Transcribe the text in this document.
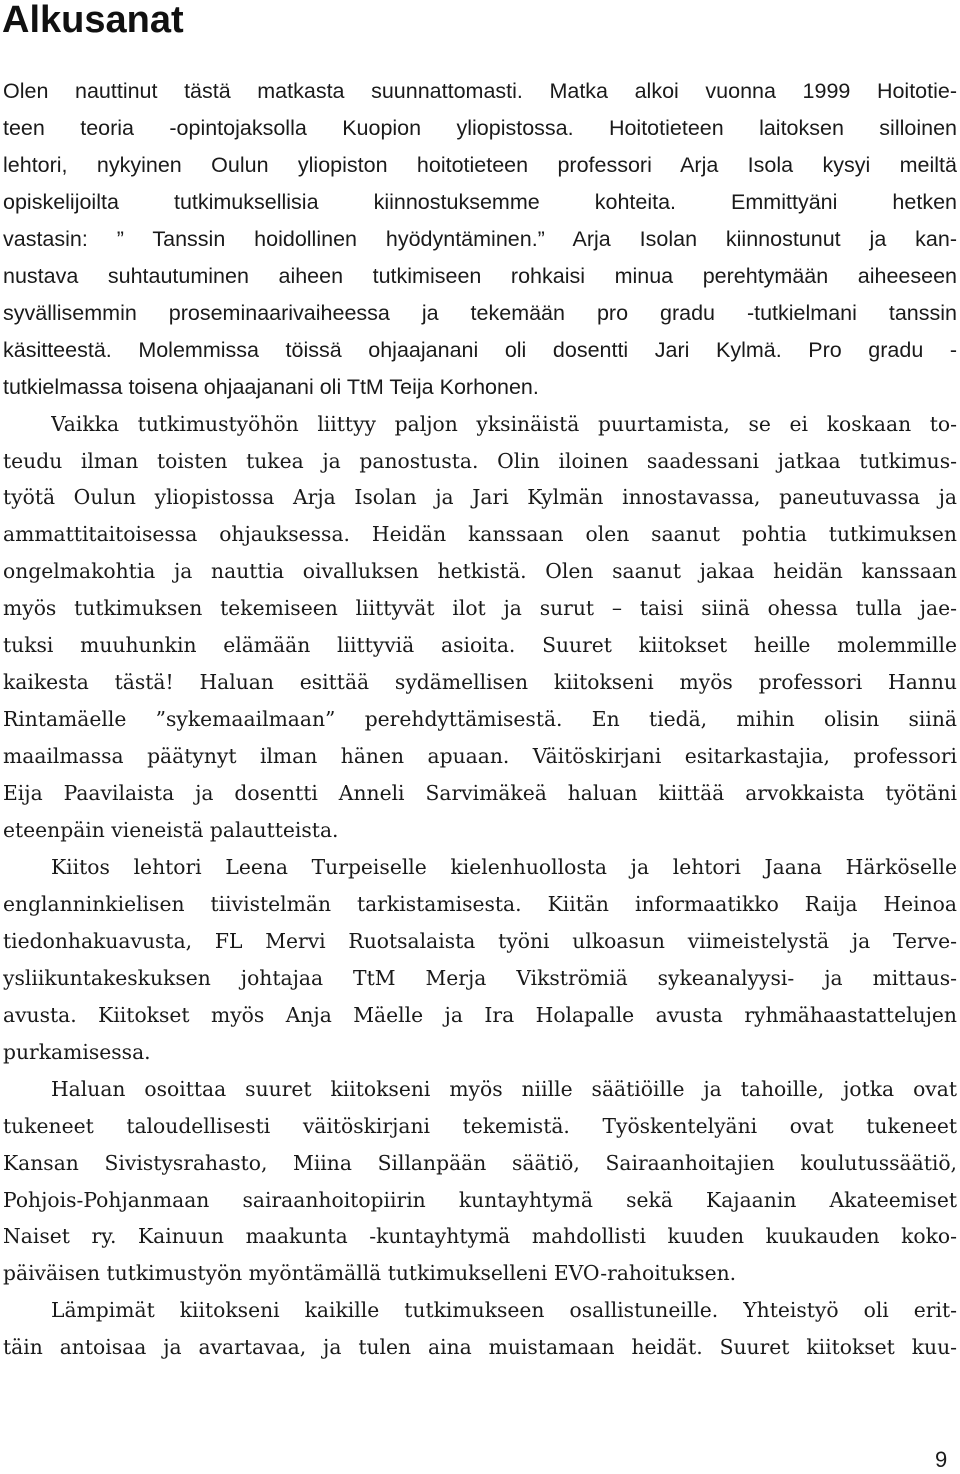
Alkusanat
Olen nauttinut tästä matkasta suunnattomasti. Matka alkoi vuonna 1999 Hoitotie-
teen teoria -opintojaksolla Kuopion yliopistossa. Hoitotieteen laitoksen silloinen
lehtori, nykyinen Oulun yliopiston hoitotieteen professori Arja Isola kysyi meiltä
opiskelijoilta tutkimuksellisia kiinnostuksemme kohteita. Emmittyäni hetken
vastasin: ” Tanssin hoidollinen hyödyntäminen.” Arja Isolan kiinnostunut ja kan-
nustava suhtautuminen aiheen tutkimiseen rohkaisi minua perehtymään aiheeseen
syvällisemmin proseminaarivaiheessa ja tekemään pro gradu -tutkielmani tanssin
käsitteestä. Molemmissa töissä ohjaajanani oli dosentti Jari Kylmä. Pro gradu -
tutkielmassa toisena ohjaajanani oli TtM Teija Korhonen.
Vaikka tutkimustyöhön liittyy paljon yksinäistä puurtamista, se ei koskaan to-
teudu ilman toisten tukea ja panostusta. Olin iloinen saadessani jatkaa tutkimus-
työtä Oulun yliopistossa Arja Isolan ja Jari Kylmän innostavassa, paneutuvassa ja
ammattitaitoisessa ohjauksessa. Heidän kanssaan olen saanut pohtia tutkimuksen
ongelmakohtia ja nauttia oivalluksen hetkistä. Olen saanut jakaa heidän kanssaan
myös tutkimuksen tekemiseen liittyvät ilot ja surut – taisi siinä ohessa tulla jae-
tuksi muuhunkin elämään liittyviä asioita. Suuret kiitokset heille molemmille
kaikesta tästä! Haluan esittää sydämellisen kiitokseni myös professori Hannu
Rintamäelle ”sykemaailmaan” perehdyttämisestä. En tiedä, mihin olisin siinä
maailmassa päätynyt ilman hänen apuaan. Väitöskirjani esitarkastajia, professori
Eija Paavilaista ja dosentti Anneli Sarvimäkeä haluan kiittää arvokkaista työtäni
eteenpäin vieneistä palautteista.
Kiitos lehtori Leena Turpeiselle kielenhuollosta ja lehtori Jaana Härköselle
englanninkielisen tiivistelmän tarkistamisesta. Kiitän informaatikko Raija Heinoa
tiedonhakuavusta, FL Mervi Ruotsalaista työni ulkoasun viimeistelystä ja Terve-
ysliikuntakeskuksen johtajaa TtM Merja Vikströmiä sykeanalyysi- ja mittaus-
avusta. Kiitokset myös Anja Mäelle ja Ira Holapalle avusta ryhmähaastattelujen
purkamisessa.
Haluan osoittaa suuret kiitokseni myös niille säätiöille ja tahoille, jotka ovat
tukeneet taloudellisesti väitöskirjani tekemistä. Työskentelyäni ovat tukeneet
Kansan Sivistysrahasto, Miina Sillanpään säätiö, Sairaanhoitajien koulutussäätiö,
Pohjois-Pohjanmaan sairaanhoitopiirin kuntayhtymä sekä Kajaanin Akateemiset
Naiset ry. Kainuun maakunta -kuntayhtymä mahdollisti kuuden kuukauden koko-
päiväisen tutkimustyön myöntämällä tutkimukselleni EVO-rahoituksen.
Lämpimät kiitokseni kaikille tutkimukseen osallistuneille. Yhteistyö oli erit-
täin antoisaa ja avartavaa, ja tulen aina muistamaan heidät. Suuret kiitokset kuu-
9
